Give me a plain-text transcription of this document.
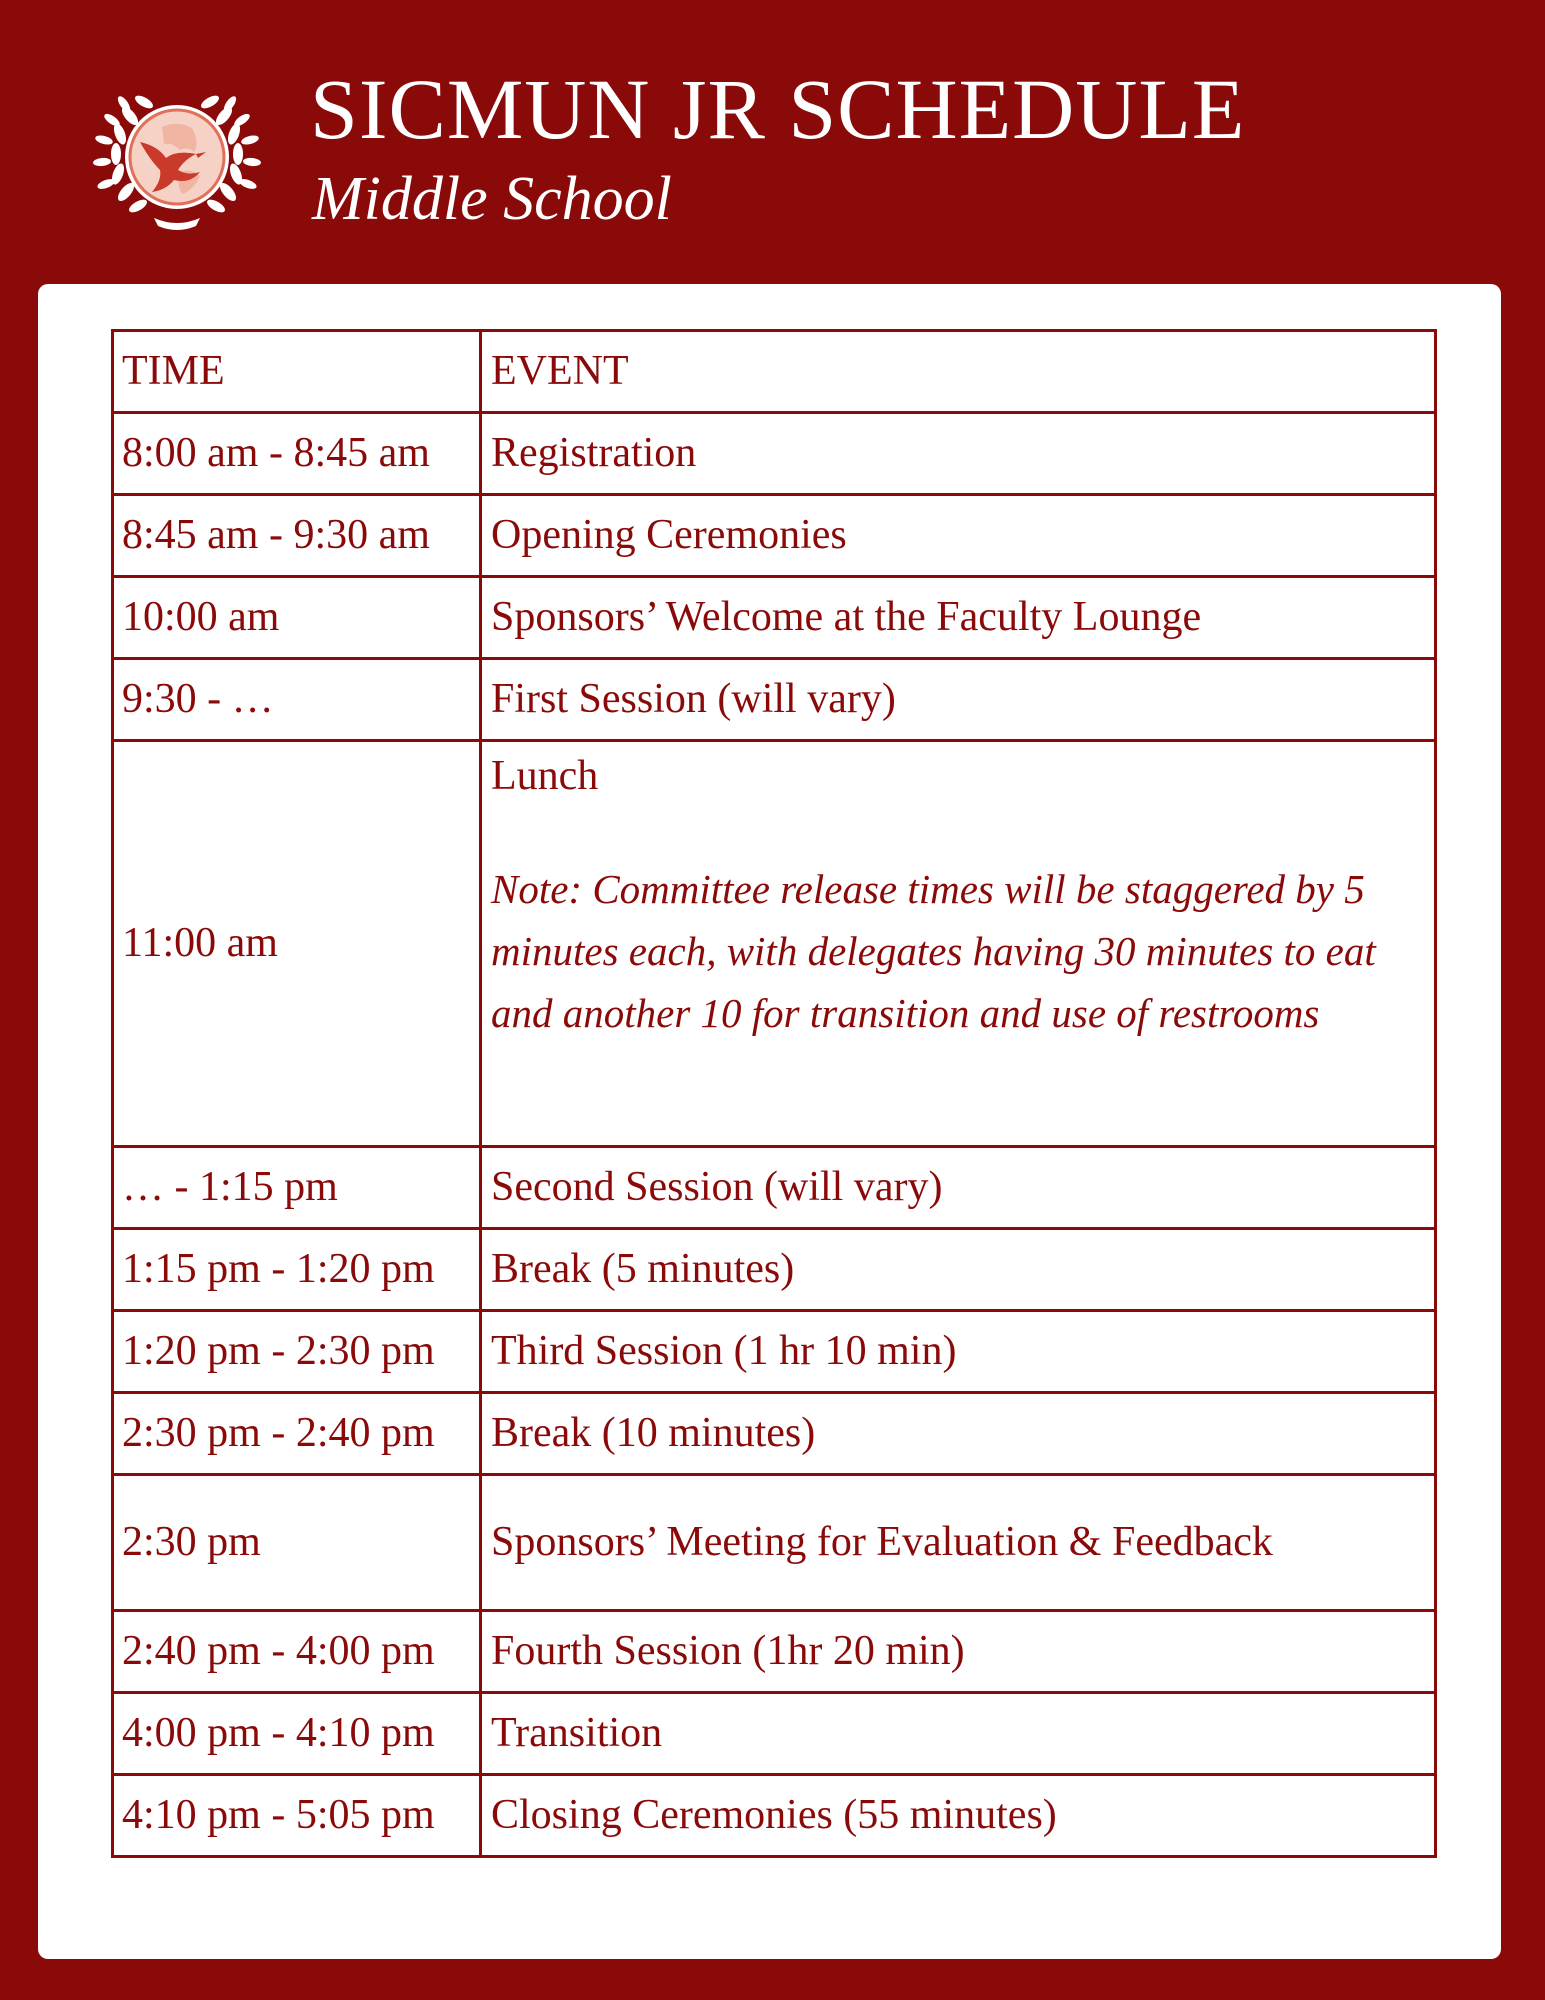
SICMUN JR SCHEDULE
Middle School
TIME	EVENT
8:00 am - 8:45 am	Registration
8:45 am - 9:30 am	Opening Ceremonies
10:00 am	Sponsors’ Welcome at the Faculty Lounge
9:30 - …	First Session (will vary)
11:00 am	Lunch
Note: Committee release times will be staggered by 5 minutes each, with delegates having 30 minutes to eat and another 10 for transition and use of restrooms

… - 1:15 pm	Second Session (will vary)
1:15 pm - 1:20 pm	Break (5 minutes)
1:20 pm - 2:30 pm	Third Session (1 hr 10 min)
2:30 pm - 2:40 pm	Break (10 minutes)
2:30 pm	Sponsors’ Meeting for Evaluation & Feedback
2:40 pm - 4:00 pm	Fourth Session (1hr 20 min)
4:00 pm - 4:10 pm	Transition
4:10 pm - 5:05 pm	Closing Ceremonies (55 minutes)
